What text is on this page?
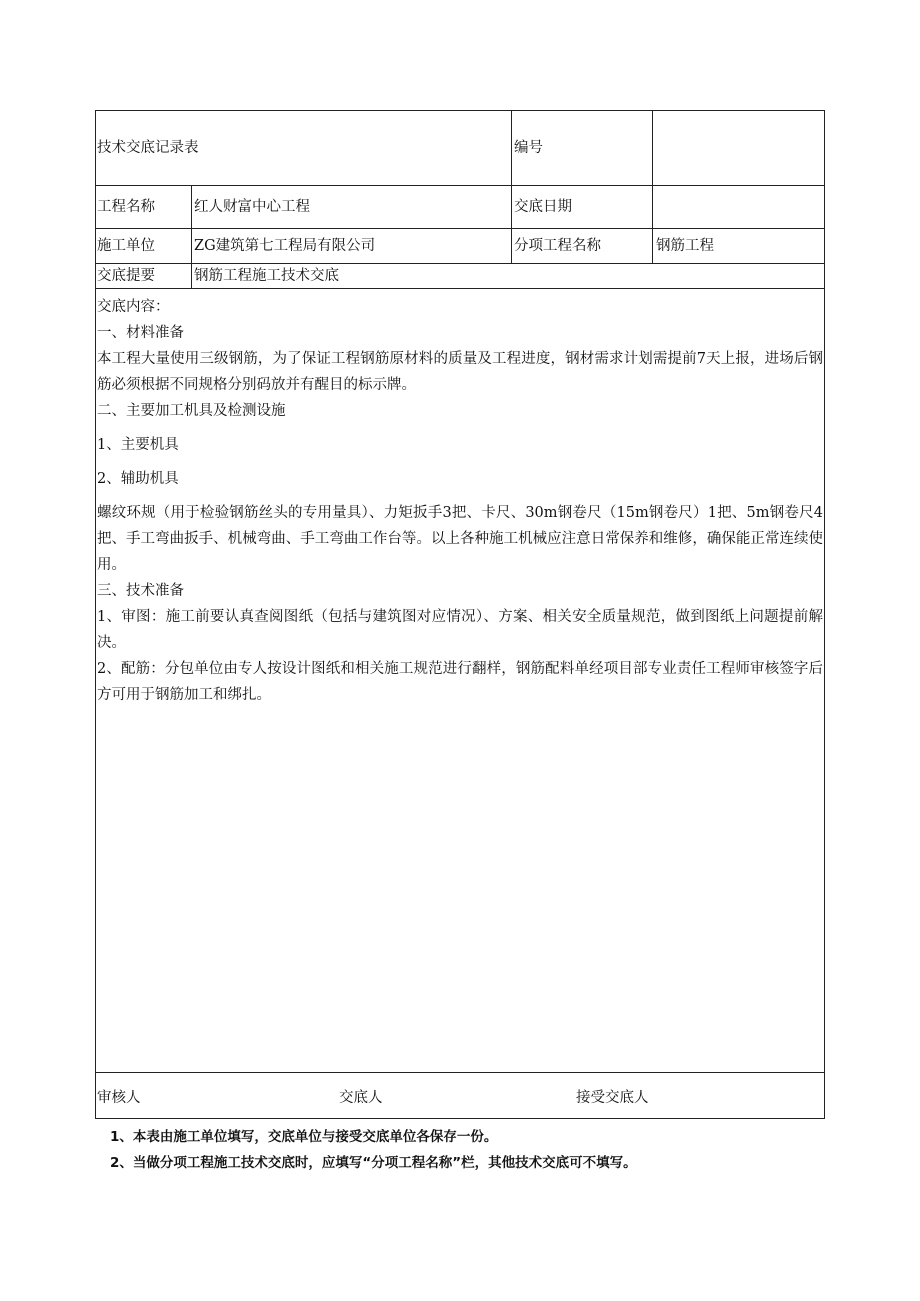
技术交底记录表	编号
工程名称	红人财富中心工程	交底日期
施工单位	ZG建筑第七工程局有限公司	分项工程名称	钢筋工程
交底提要	钢筋工程施工技术交底

交底内容：

一、材料准备

本工程大量使用三级钢筋，为了保证工程钢筋原材料的质量及工程进度，钢材需求计划需提前7天上报，进场后钢筋必须根据不同规格分别码放并有醒目的标示牌。

二、主要加工机具及检测设施

1、主要机具

2、辅助机具

螺纹环规（用于检验钢筋丝头的专用量具）、力矩扳手3把、卡尺、30m钢卷尺（15m钢卷尺）1把、5m钢卷尺4把、手工弯曲扳手、机械弯曲、手工弯曲工作台等。以上各种施工机械应注意日常保养和维修，确保能正常连续使用。

三、技术准备

1、审图：施工前要认真查阅图纸（包括与建筑图对应情况）、方案、相关安全质量规范，做到图纸上问题提前解决。

2、配筋：分包单位由专人按设计图纸和相关施工规范进行翻样，钢筋配料单经项目部专业责任工程师审核签字后方可用于钢筋加工和绑扎。

审核人	交底人	接受交底人

1、本表由施工单位填写，交底单位与接受交底单位各保存一份。

2、当做分项工程施工技术交底时，应填写“分项工程名称”栏，其他技术交底可不填写。
